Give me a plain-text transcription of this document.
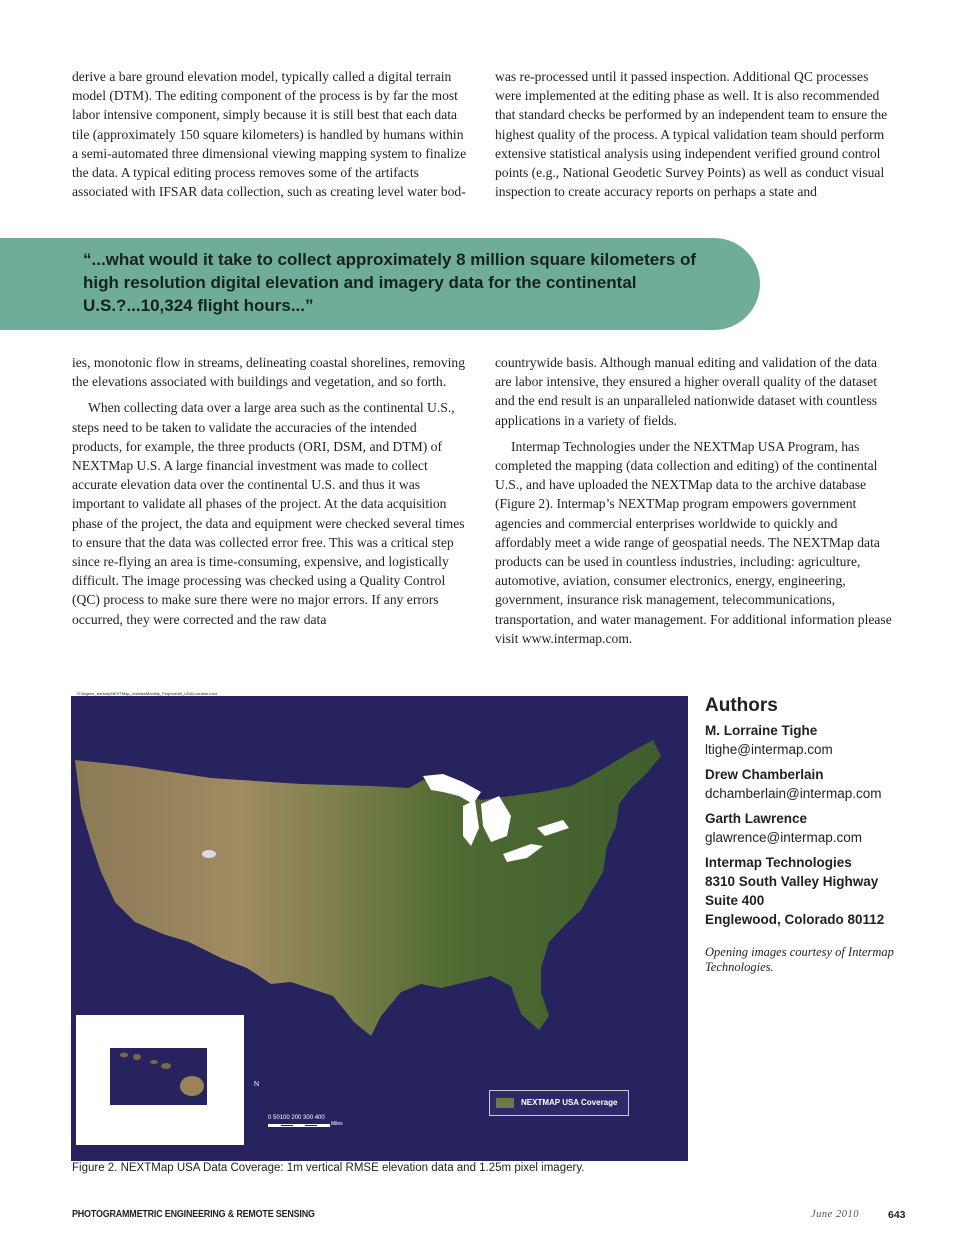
derive a bare ground elevation model, typically called a digital terrain model (DTM). The editing component of the process is by far the most labor intensive component, simply because it is still best that each data tile (approximately 150 square kilometers) is handled by humans within a semi-automated three dimensional viewing mapping system to finalize the data. A typical editing process removes some of the artifacts associated with IFSAR data collection, such as creating level water bod-

was re-processed until it passed inspection. Additional QC processes were implemented at the editing phase as well. It is also recommended that standard checks be performed by an independent team to ensure the highest quality of the process. A typical validation team should perform extensive statistical analysis using independent verified ground control points (e.g., National Geodetic Survey Points) as well as conduct visual inspection to create accuracy reports on perhaps a state and

“...what would it take to collect approximately 8 million square kilometers of high resolution digital elevation and imagery data for the continental U.S.?...10,324 flight hours...”

ies, monotonic flow in streams, delineating coastal shorelines, removing the elevations associated with buildings and vegetation, and so forth.

When collecting data over a large area such as the continental U.S., steps need to be taken to validate the accuracies of the intended products, for example, the three products (ORI, DSM, and DTM) of NEXTMap U.S. A large financial investment was made to collect accurate elevation data over the continental U.S. and thus it was important to validate all phases of the project. At the data acquisition phase of the project, the data and equipment were checked several times to ensure that the data was collected error free. This was a critical step since re-flying an area is time-consuming, expensive, and logistically difficult. The image processing was checked using a Quality Control (QC) process to make sure there were no major errors. If any errors occurred, they were corrected and the raw data

countrywide basis. Although manual editing and validation of the data are labor intensive, they ensured a higher overall quality of the dataset and the end result is an unparalleled nationwide dataset with countless applications in a variety of fields.

Intermap Technologies under the NEXTMap USA Program, has completed the mapping (data collection and editing) of the continental U.S., and have uploaded the NEXTMap data to the archive database (Figure 2). Intermap’s NEXTMap program empowers government agencies and commercial enterprises worldwide to quickly and affordably meet a wide range of geospatial needs. The NEXTMap data products can be used in countless industries, including: agriculture, automotive, aviation, consumer electronics, energy, engineering, government, insurance risk management, telecommunications, transportation, and water management. For additional information please visit www.intermap.com.

G:\legend_territory\NEXTMap_u\statesMonthly_Projects\hit_USA\Lorraine.mxd
N
0 50100 200 300 400
Miles
NEXTMAP USA Coverage
Figure 2. NEXTMap USA Data Coverage: 1m vertical RMSE elevation data and 1.25m pixel imagery.
Authors
M. Lorraine Tighe
ltighe@intermap.com
Drew Chamberlain
dchamberlain@intermap.com
Garth Lawrence
glawrence@intermap.com
Intermap Technologies
8310 South Valley Highway
Suite 400
Englewood, Colorado 80112
Opening images courtesy of Intermap Technologies.
PHOTOGRAMMETRIC ENGINEERING & REMOTE SENSING	June 2010	643
